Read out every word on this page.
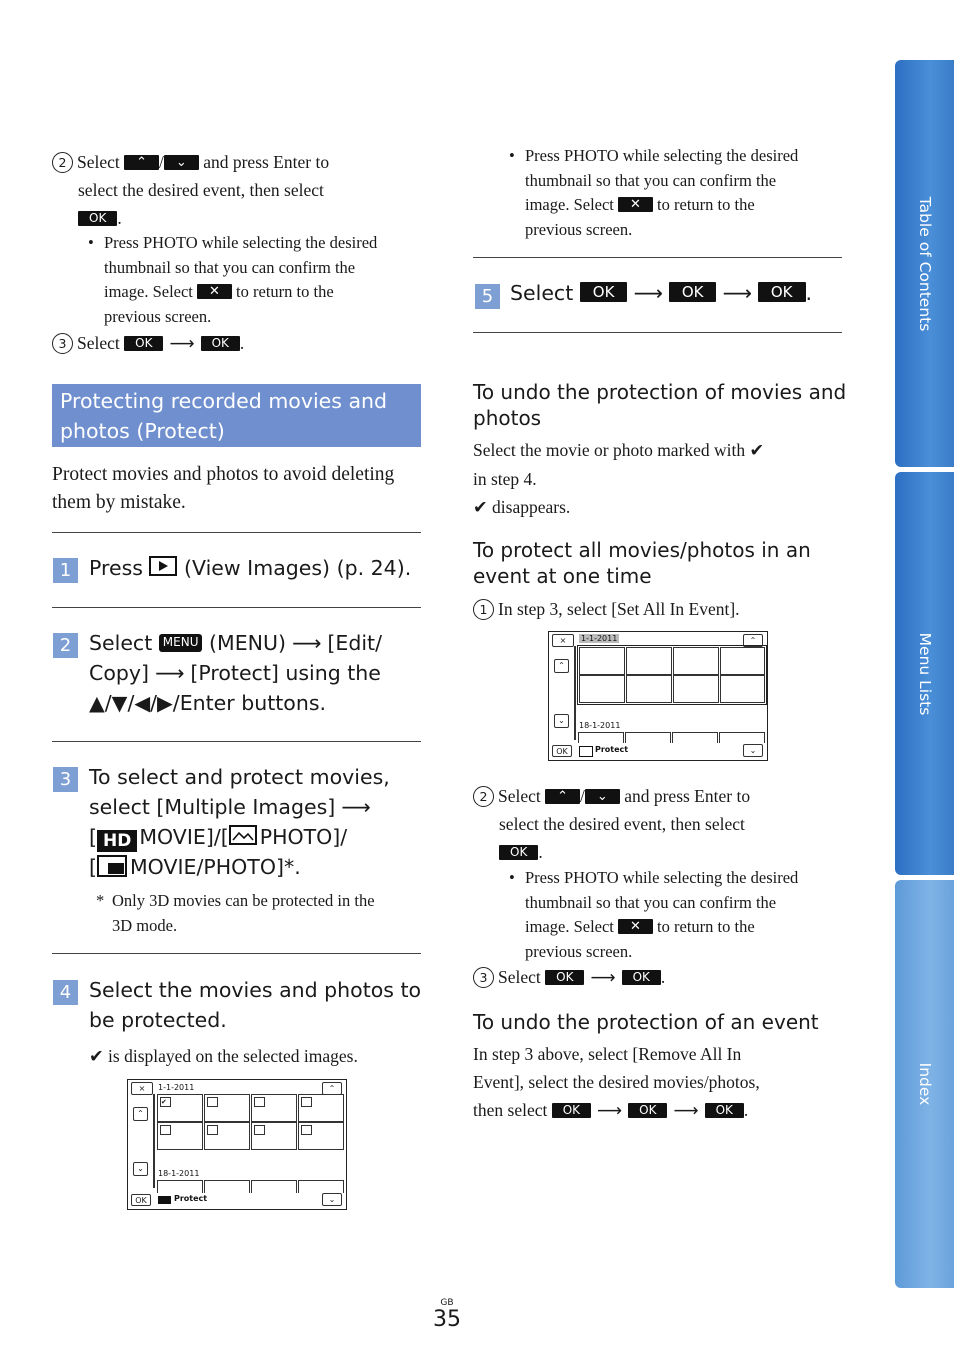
2 Select ⌃ / ⌄ and press Enter to
select the desired event, then select
OK .
• Press PHOTO while selecting the desired
thumbnail so that you can confirm the
image. Select ✕ to return to the
previous screen.
3 Select OK ⟶ OK .
Protecting recorded movies and
photos (Protect)
Protect movies and photos to avoid deleting
them by mistake.
1 Press (View Images) (p. 24).
2 Select MENU (MENU) ⟶ [Edit/
Copy] ⟶ [Protect] using the
▲/▼/◀/▶/Enter buttons.
3 To select and protect movies,
select [Multiple Images] ⟶
[ HD MOVIE]/[ PHOTO]/
[ MOVIE/PHOTO]*.
* Only 3D movies can be protected in the
3D mode.
4 Select the movies and photos to
be protected.
✔ is displayed on the selected images.
×	1-1-2011	⌃
⌃
⌄
✔
18-1-2011
OK	Protect	⌄
• Press PHOTO while selecting the desired
thumbnail so that you can confirm the
image. Select ✕ to return to the
previous screen.
5 Select OK ⟶ OK ⟶ OK .
To undo the protection of movies and
photos
Select the movie or photo marked with ✔
in step 4.
✔ disappears.
To protect all movies/photos in an
event at one time
1 In step 3, select [Set All In Event].
×	1-1-2011	⌃
⌃
⌄
18-1-2011
OK	Protect	⌄
2 Select ⌃ / ⌄ and press Enter to
select the desired event, then select
OK .
• Press PHOTO while selecting the desired
thumbnail so that you can confirm the
image. Select ✕ to return to the
previous screen.
3 Select OK ⟶ OK .
To undo the protection of an event
In step 3 above, select [Remove All In
Event], select the desired movies/photos,
then select OK ⟶ OK ⟶ OK .
Table of Contents
Menu Lists
Index
GB
35
